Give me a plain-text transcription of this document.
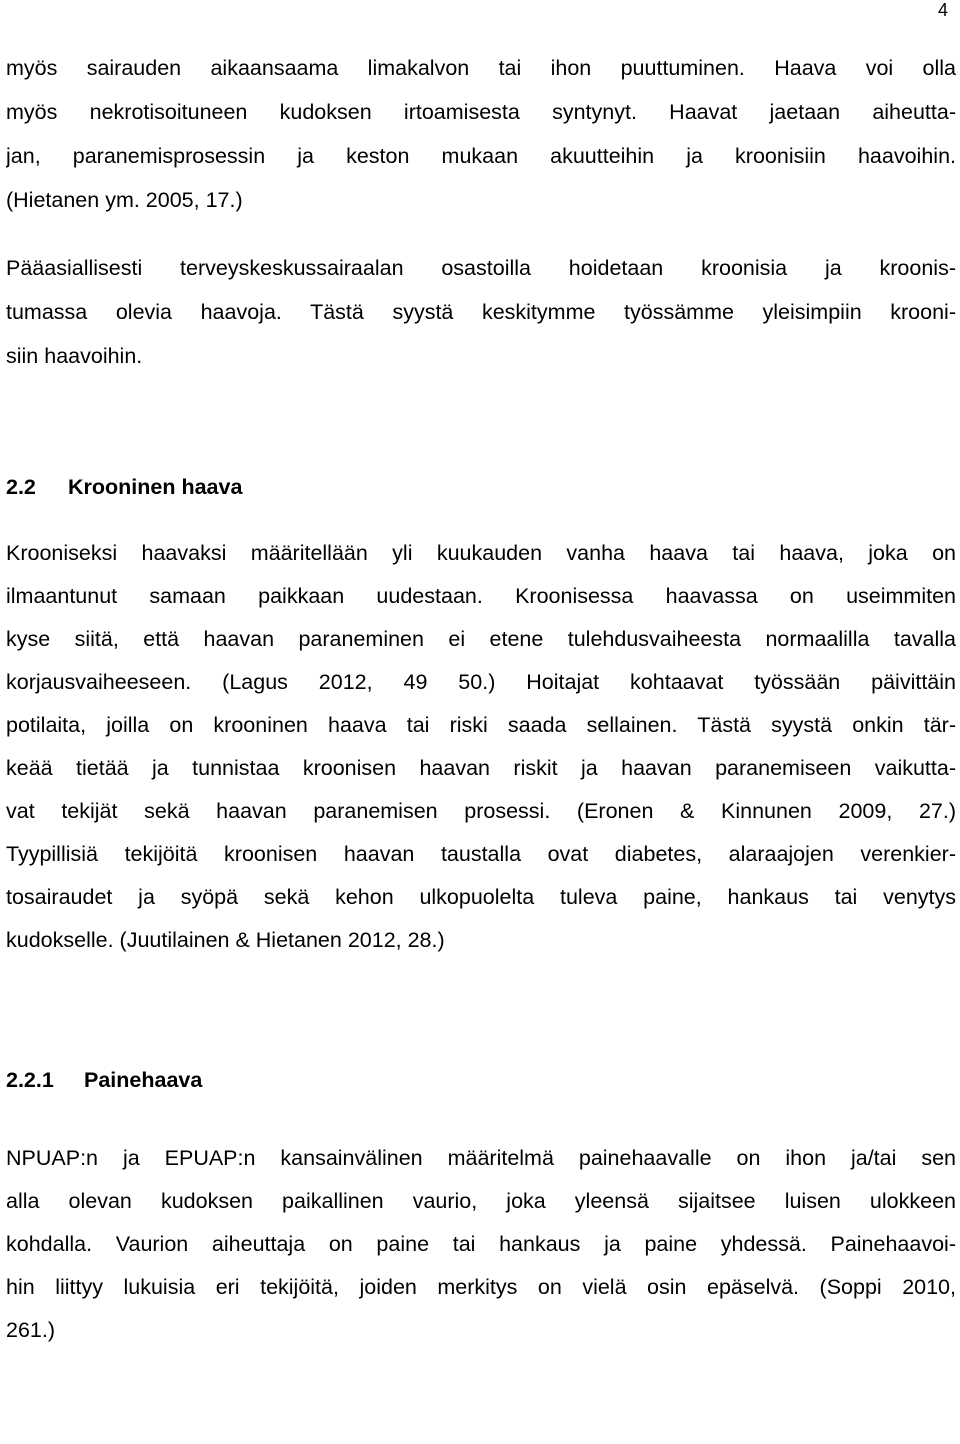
4
myös sairauden aikaansaama limakalvon tai ihon puuttuminen. Haava voi olla
myös nekrotisoituneen kudoksen irtoamisesta syntynyt. Haavat jaetaan aiheutta-
jan, paranemisprosessin ja keston mukaan akuutteihin ja kroonisiin haavoihin.
(Hietanen ym. 2005, 17.)
Pääasiallisesti terveyskeskussairaalan osastoilla hoidetaan kroonisia ja kroonis-
tumassa olevia haavoja. Tästä syystä keskitymme työssämme yleisimpiin krooni-
siin haavoihin.
2.2 Krooninen haava
Krooniseksi haavaksi määritellään yli kuukauden vanha haava tai haava, joka on
ilmaantunut samaan paikkaan uudestaan. Kroonisessa haavassa on useimmiten
kyse siitä, että haavan paraneminen ei etene tulehdusvaiheesta normaalilla tavalla
korjausvaiheeseen. (Lagus 2012, 49 50.) Hoitajat kohtaavat työssään päivittäin
potilaita, joilla on krooninen haava tai riski saada sellainen. Tästä syystä onkin tär-
keää tietää ja tunnistaa kroonisen haavan riskit ja haavan paranemiseen vaikutta-
vat tekijät sekä haavan paranemisen prosessi. (Eronen & Kinnunen 2009, 27.)
Tyypillisiä tekijöitä kroonisen haavan taustalla ovat diabetes, alaraajojen verenkier-
tosairaudet ja syöpä sekä kehon ulkopuolelta tuleva paine, hankaus tai venytys
kudokselle. (Juutilainen & Hietanen 2012, 28.)
2.2.1 Painehaava
NPUAP:n ja EPUAP:n kansainvälinen määritelmä painehaavalle on ihon ja/tai sen
alla olevan kudoksen paikallinen vaurio, joka yleensä sijaitsee luisen ulokkeen
kohdalla. Vaurion aiheuttaja on paine tai hankaus ja paine yhdessä. Painehaavoi-
hin liittyy lukuisia eri tekijöitä, joiden merkitys on vielä osin epäselvä. (Soppi 2010,
261.)
